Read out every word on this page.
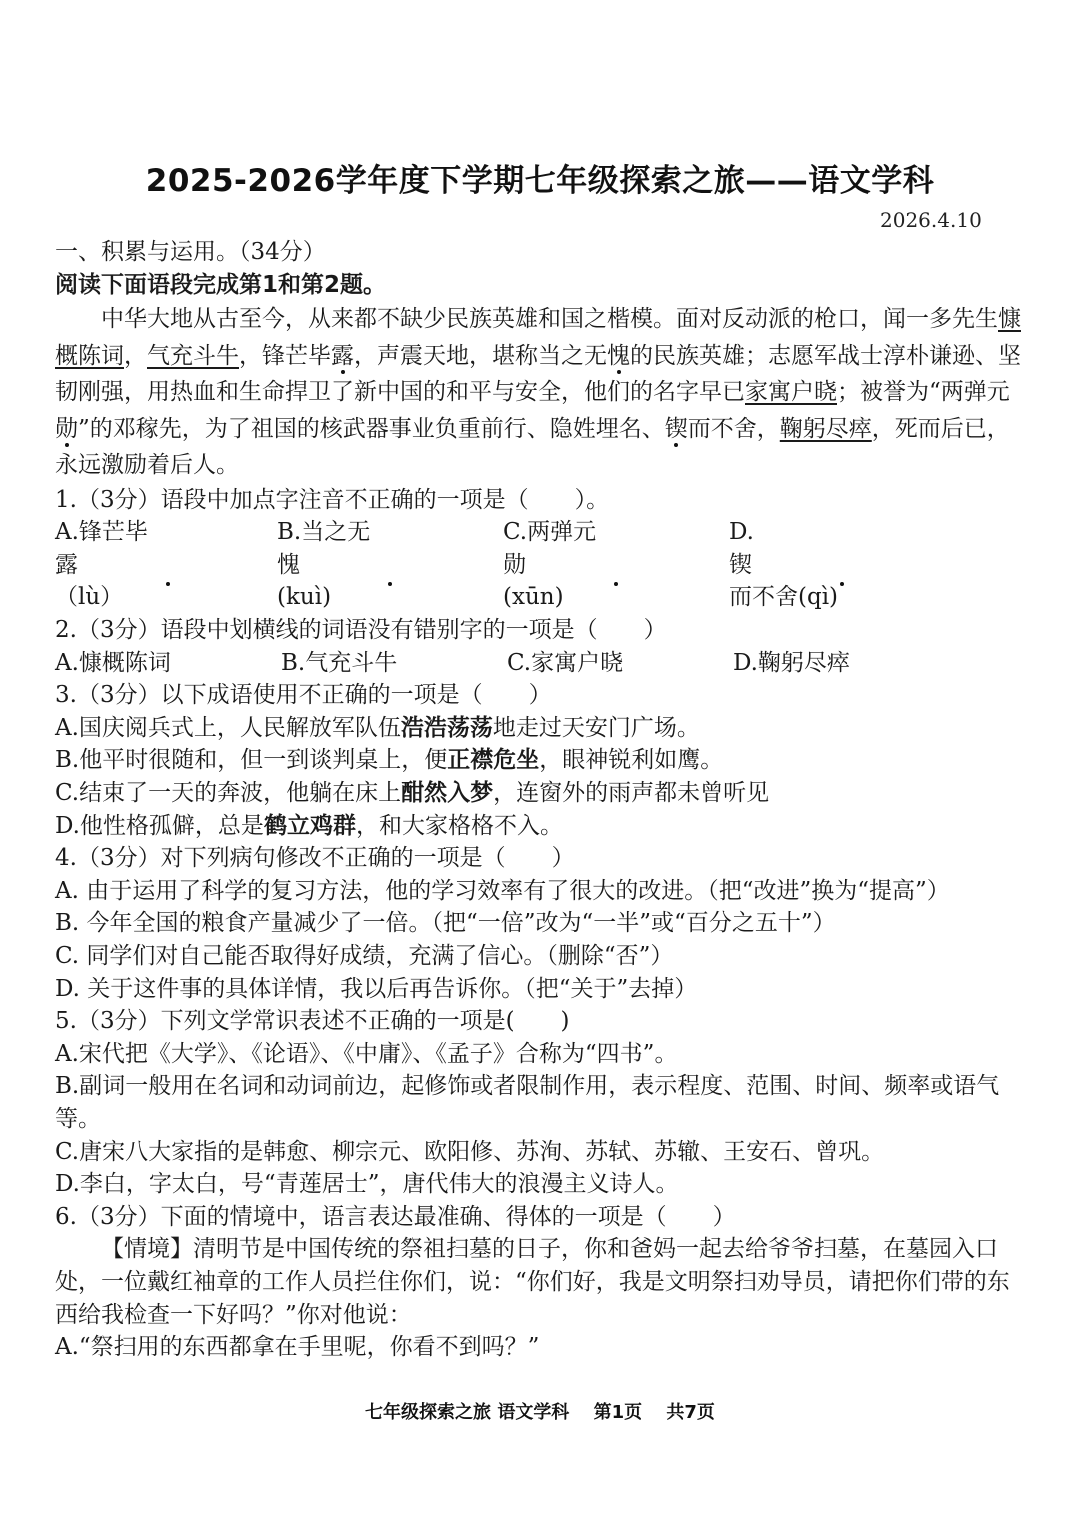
2025-2026学年度下学期七年级探索之旅——语文学科
2026.4.10

一、积累与运用。（34分）

阅读下面语段完成第1和第2题。

中华大地从古至今，从来都不缺少民族英雄和国之楷模。面对反动派的枪口，闻一多先生慷概陈词，气充斗牛，锋芒毕露，声震天地，堪称当之无愧的民族英雄；志愿军战士淳朴谦逊、坚韧刚强，用热血和生命捍卫了新中国的和平与安全，他们的名字早已家寓户晓；被誉为“两弹元勋”的邓稼先，为了祖国的核武器事业负重前行、隐姓埋名、锲而不舍，鞠躬尽瘁，死而后已，永远激励着后人。

1.（3分）语段中加点字注音不正确的一项是（　　）。

A.锋芒毕露（lù）
B.当之无愧(kuì)
C.两弹元勋(xūn)
D.锲而不舍(qì)

2.（3分）语段中划横线的词语没有错别字的一项是（　　）

A.慷概陈词	B.气充斗牛	C.家寓户晓	D.鞠躬尽瘁

3.（3分）以下成语使用不正确的一项是（　　）

A.国庆阅兵式上，人民解放军队伍浩浩荡荡地走过天安门广场。

B.他平时很随和，但一到谈判桌上，便正襟危坐，眼神锐利如鹰。

C.结束了一天的奔波，他躺在床上酣然入梦，连窗外的雨声都未曾听见

D.他性格孤僻，总是鹤立鸡群，和大家格格不入。

4.（3分）对下列病句修改不正确的一项是（　　）

A. 由于运用了科学的复习方法，他的学习效率有了很大的改进。（把“改进”换为“提高”）

B. 今年全国的粮食产量减少了一倍。（把“一倍”改为“一半”或“百分之五十”）

C. 同学们对自己能否取得好成绩，充满了信心。（删除“否”）

D. 关于这件事的具体详情，我以后再告诉你。（把“关于”去掉）

5.（3分）下列文学常识表述不正确的一项是(　　)

A.宋代把《大学》、《论语》、《中庸》、《孟子》合称为“四书”。

B.副词一般用在名词和动词前边，起修饰或者限制作用，表示程度、范围、时间、频率或语气等。

C.唐宋八大家指的是韩愈、柳宗元、欧阳修、苏洵、苏轼、苏辙、王安石、曾巩。

D.李白，字太白，号“青莲居士”，唐代伟大的浪漫主义诗人。

6.（3分）下面的情境中，语言表达最准确、得体的一项是（　　）

【情境】清明节是中国传统的祭祖扫墓的日子，你和爸妈一起去给爷爷扫墓，在墓园入口处，一位戴红袖章的工作人员拦住你们，说：“你们好，我是文明祭扫劝导员，请把你们带的东西给我检查一下好吗？”你对他说：

A.“祭扫用的东西都拿在手里呢，你看不到吗？”

七年级探索之旅 语文学科 第1页 共7页
